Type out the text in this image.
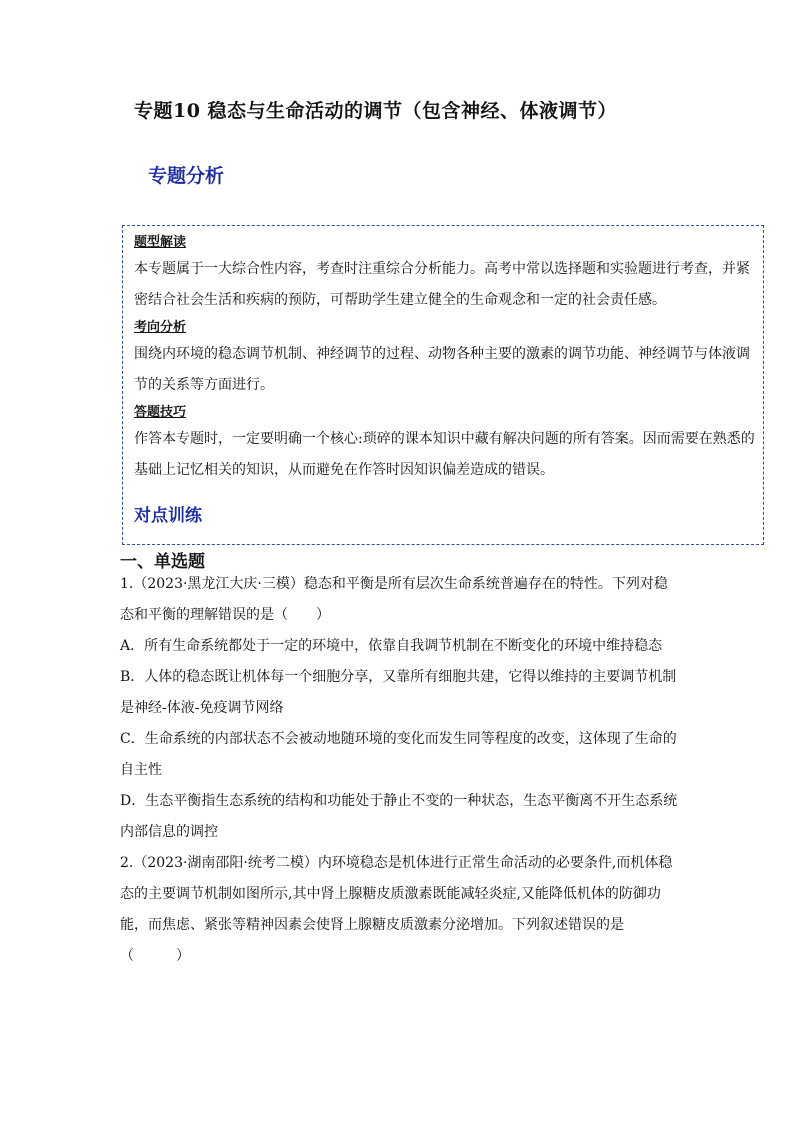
专题10 稳态与生命活动的调节（包含神经、体液调节）
专题分析
题型解读
本专题属于一大综合性内容，考查时注重综合分析能力。高考中常以选择题和实验题进行考查，并紧密结合社会生活和疾病的预防，可帮助学生建立健全的生命观念和一定的社会责任感。
考向分析
围绕内环境的稳态调节机制、神经调节的过程、动物各种主要的激素的调节功能、神经调节与体液调节的关系等方面进行。
答题技巧
作答本专题时，一定要明确一个核心:琐碎的课本知识中藏有解决问题的所有答案。因而需要在熟悉的基础上记忆相关的知识，从而避免在作答时因知识偏差造成的错误。
对点训练
一、单选题
1.（2023·黑龙江大庆·三模）稳态和平衡是所有层次生命系统普遍存在的特性。下列对稳态和平衡的理解错误的是（　　）
A．所有生命系统都处于一定的环境中，依靠自我调节机制在不断变化的环境中维持稳态
B．人体的稳态既让机体每一个细胞分享，又靠所有细胞共建，它得以维持的主要调节机制是神经-体液-免疫调节网络
C．生命系统的内部状态不会被动地随环境的变化而发生同等程度的改变，这体现了生命的自主性
D．生态平衡指生态系统的结构和功能处于静止不变的一种状态，生态平衡离不开生态系统内部信息的调控
2.（2023·湖南邵阳·统考二模）内环境稳态是机体进行正常生命活动的必要条件,而机体稳态的主要调节机制如图所示,其中肾上腺糖皮质激素既能减轻炎症,又能降低机体的防御功能，而焦虑、紧张等精神因素会使肾上腺糖皮质激素分泌增加。下列叙述错误的是（　　　）
